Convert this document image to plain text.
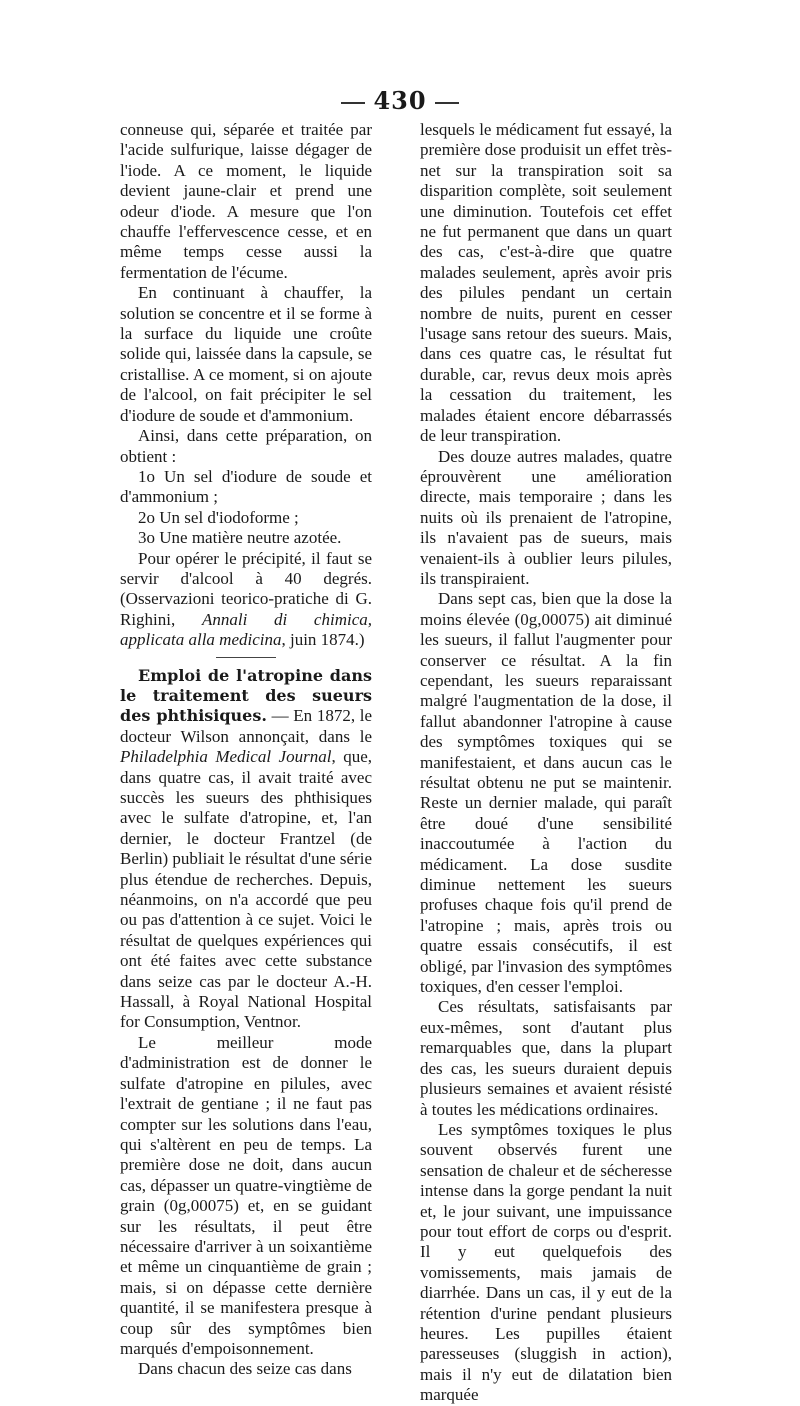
430

conneuse qui, séparée et traitée par l'acide sulfurique, laisse dégager de l'iode. A ce moment, le liquide devient jaune-clair et prend une odeur d'iode. A mesure que l'on chauffe l'effervescence cesse, et en même temps cesse aussi la fermentation de l'écume.

En continuant à chauffer, la solution se concentre et il se forme à la surface du liquide une croûte solide qui, laissée dans la capsule, se cristallise. A ce moment, si on ajoute de l'alcool, on fait précipiter le sel d'iodure de soude et d'ammonium.

Ainsi, dans cette préparation, on obtient :

1o Un sel d'iodure de soude et d'ammonium ;

2o Un sel d'iodoforme ;

3o Une matière neutre azotée.

Pour opérer le précipité, il faut se servir d'alcool à 40 degrés. (Osservazioni teorico-pratiche di G. Righini, Annali di chimica, applicata alla medicina, juin 1874.)

Emploi de l'atropine dans le traitement des sueurs des phthisiques. — En 1872, le docteur Wilson annonçait, dans le Philadelphia Medical Journal, que, dans quatre cas, il avait traité avec succès les sueurs des phthisiques avec le sulfate d'atropine, et, l'an dernier, le docteur Frantzel (de Berlin) publiait le résultat d'une série plus étendue de recherches. Depuis, néanmoins, on n'a accordé que peu ou pas d'attention à ce sujet. Voici le résultat de quelques expériences qui ont été faites avec cette substance dans seize cas par le docteur A.-H. Hassall, à Royal National Hospital for Consumption, Ventnor.

Le meilleur mode d'administration est de donner le sulfate d'atropine en pilules, avec l'extrait de gentiane ; il ne faut pas compter sur les solutions dans l'eau, qui s'altèrent en peu de temps. La première dose ne doit, dans aucun cas, dépasser un quatre-vingtième de grain (0g,00075) et, en se guidant sur les résultats, il peut être nécessaire d'arriver à un soixantième et même un cinquantième de grain ; mais, si on dépasse cette dernière quantité, il se manifestera presque à coup sûr des symptômes bien marqués d'empoisonnement.

Dans chacun des seize cas dans

lesquels le médicament fut essayé, la première dose produisit un effet très-net sur la transpiration soit sa disparition complète, soit seulement une diminution. Toutefois cet effet ne fut permanent que dans un quart des cas, c'est-à-dire que quatre malades seulement, après avoir pris des pilules pendant un certain nombre de nuits, purent en cesser l'usage sans retour des sueurs. Mais, dans ces quatre cas, le résultat fut durable, car, revus deux mois après la cessation du traitement, les malades étaient encore débarrassés de leur transpiration.

Des douze autres malades, quatre éprouvèrent une amélioration directe, mais temporaire ; dans les nuits où ils prenaient de l'atropine, ils n'avaient pas de sueurs, mais venaient-ils à oublier leurs pilules, ils transpiraient.

Dans sept cas, bien que la dose la moins élevée (0g,00075) ait diminué les sueurs, il fallut l'augmenter pour conserver ce résultat. A la fin cependant, les sueurs reparaissant malgré l'augmentation de la dose, il fallut abandonner l'atropine à cause des symptômes toxiques qui se manifestaient, et dans aucun cas le résultat obtenu ne put se maintenir. Reste un dernier malade, qui paraît être doué d'une sensibilité inaccoutumée à l'action du médicament. La dose susdite diminue nettement les sueurs profuses chaque fois qu'il prend de l'atropine ; mais, après trois ou quatre essais consécutifs, il est obligé, par l'invasion des symptômes toxiques, d'en cesser l'emploi.

Ces résultats, satisfaisants par eux-mêmes, sont d'autant plus remarquables que, dans la plupart des cas, les sueurs duraient depuis plusieurs semaines et avaient résisté à toutes les médications ordinaires.

Les symptômes toxiques le plus souvent observés furent une sensation de chaleur et de sécheresse intense dans la gorge pendant la nuit et, le jour suivant, une impuissance pour tout effort de corps ou d'esprit. Il y eut quelquefois des vomissements, mais jamais de diarrhée. Dans un cas, il y eut de la rétention d'urine pendant plusieurs heures. Les pupilles étaient paresseuses (sluggish in action), mais il n'y eut de dilatation bien marquée
